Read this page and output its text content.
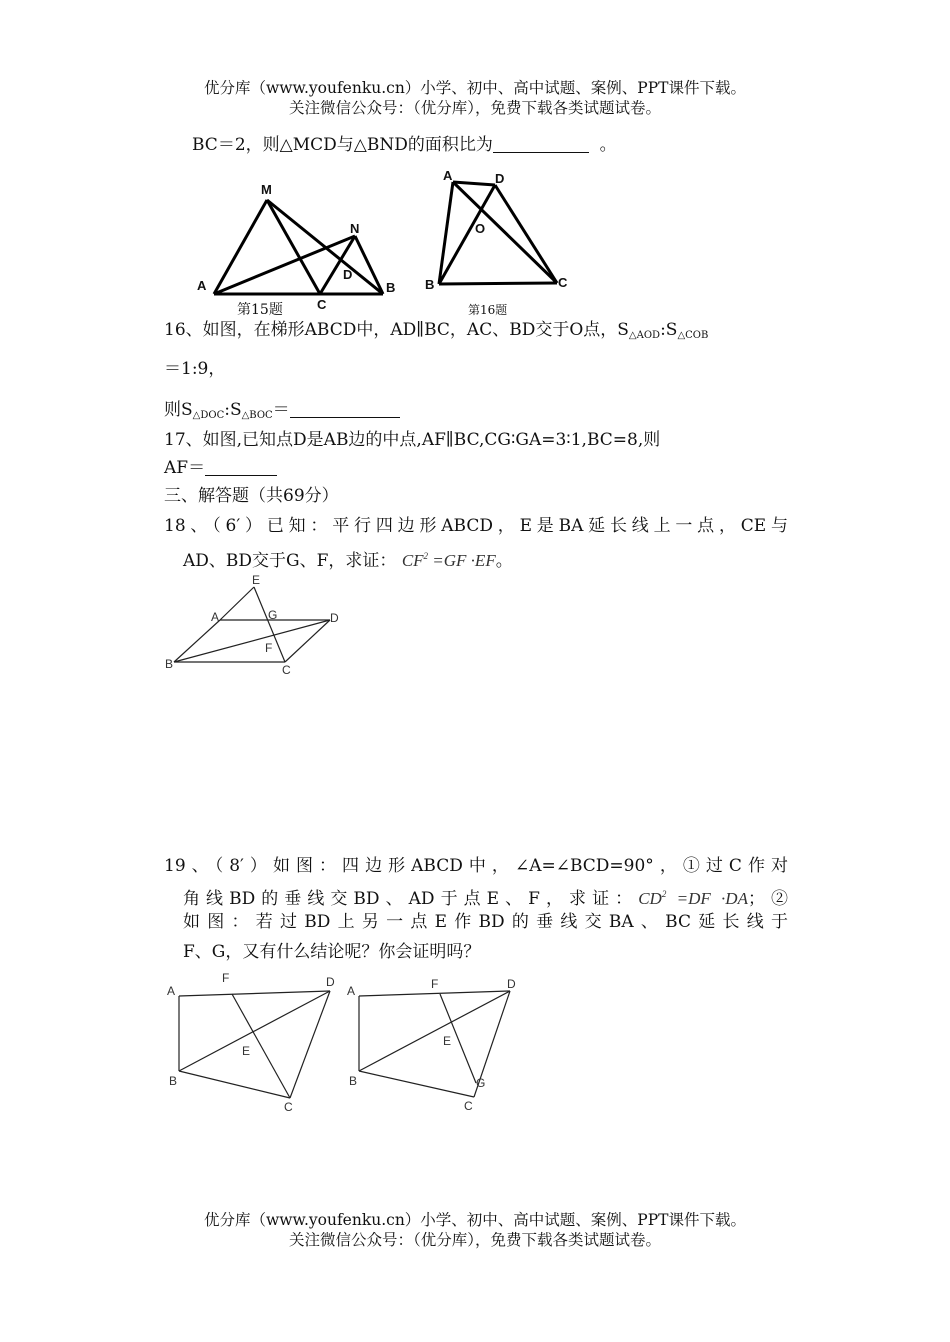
优分库（www.youfenku.cn）小学、初中、高中试题、案例、PPT课件下载。
关注微信公众号：（优分库），免费下载各类试题试卷。
BC＝2，则△MCD与△BND的面积比为	。
M
N
D
A
C
B
第15题
A	D
O
B	C
第16题
16、如图，在梯形ABCD中，AD∥BC，AC、BD交于O点，$S_{\triangle AOD}:S_{\triangle COB}$
＝1:9，
则$S_{\triangle DOC}:S_{\triangle BOC}=$
17、如图,已知点D是AB边的中点,AF∥BC,CG∶GA=3∶1,BC=8,则
AF＝
三、解答题（共69分）
18、（6′）已知：平行四边形ABCD，E是BA延长线上一点，CE与
AD、BD交于G、F，求证： $CF^2 =GF \cdot EF$。
E
A	G	D
F
B	C
19、（8′）如图：四边形ABCD中，∠A=∠BCD=90°，①过C作对
角线BD的垂线交BD、AD于点E、F，求证：$CD^2 =DF \cdot DA$；②
如图：若过BD上另一点E作BD的垂线交BA、BC延长线于
F、G，又有什么结论呢？你会证明吗？
A
F	D
E
B
C
A	F	D
E
B	G
C
优分库（www.youfenku.cn）小学、初中、高中试题、案例、PPT课件下载。
关注微信公众号：（优分库），免费下载各类试题试卷。
